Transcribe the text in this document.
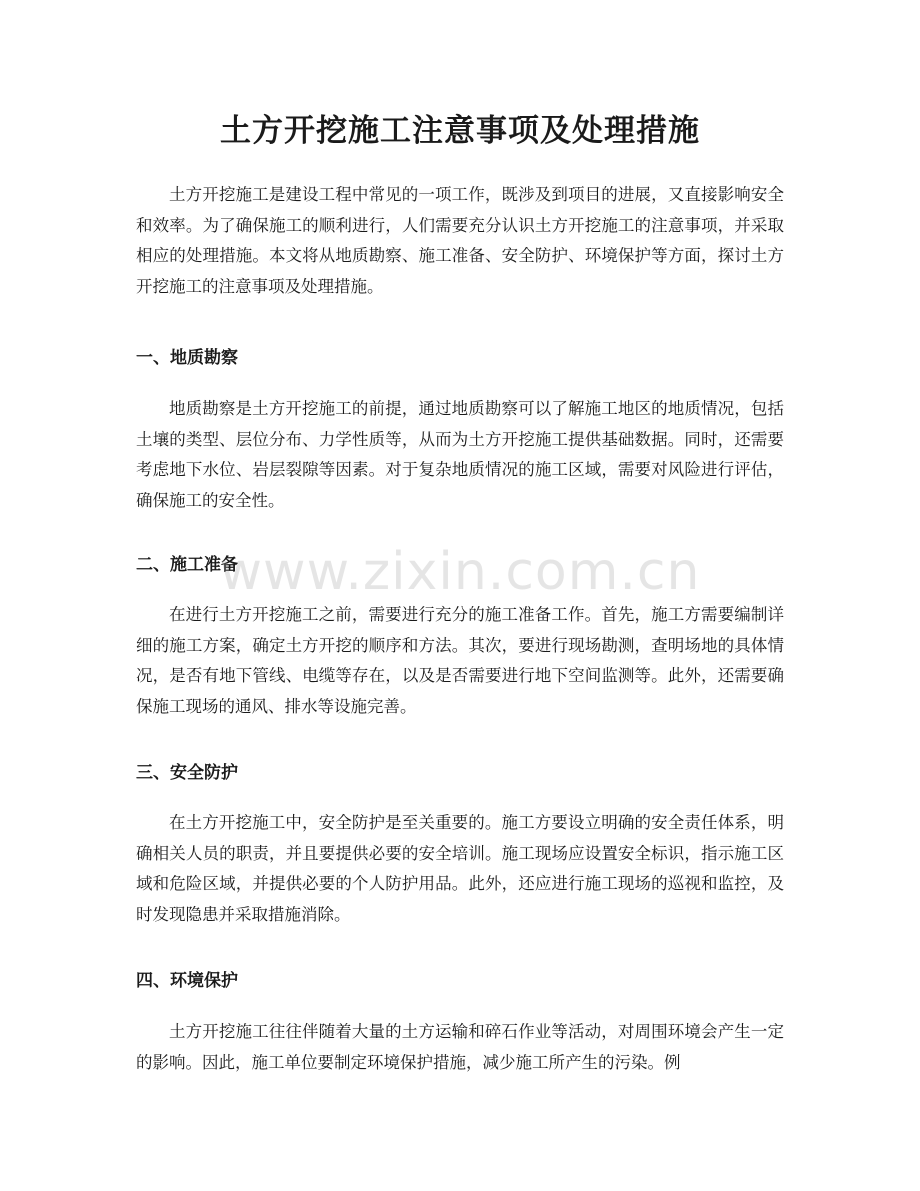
土方开挖施工注意事项及处理措施

土方开挖施工是建设工程中常见的一项工作，既涉及到项目的进展，又直接影响安全和效率。为了确保施工的顺利进行，人们需要充分认识土方开挖施工的注意事项，并采取相应的处理措施。本文将从地质勘察、施工准备、安全防护、环境保护等方面，探讨土方开挖施工的注意事项及处理措施。

一、地质勘察

地质勘察是土方开挖施工的前提，通过地质勘察可以了解施工地区的地质情况，包括土壤的类型、层位分布、力学性质等，从而为土方开挖施工提供基础数据。同时，还需要考虑地下水位、岩层裂隙等因素。对于复杂地质情况的施工区域，需要对风险进行评估，确保施工的安全性。

二、施工准备

在进行土方开挖施工之前，需要进行充分的施工准备工作。首先，施工方需要编制详细的施工方案，确定土方开挖的顺序和方法。其次，要进行现场勘测，查明场地的具体情况，是否有地下管线、电缆等存在，以及是否需要进行地下空间监测等。此外，还需要确保施工现场的通风、排水等设施完善。

三、安全防护

在土方开挖施工中，安全防护是至关重要的。施工方要设立明确的安全责任体系，明确相关人员的职责，并且要提供必要的安全培训。施工现场应设置安全标识，指示施工区域和危险区域，并提供必要的个人防护用品。此外，还应进行施工现场的巡视和监控，及时发现隐患并采取措施消除。

四、环境保护

土方开挖施工往往伴随着大量的土方运输和碎石作业等活动，对周围环境会产生一定的影响。因此，施工单位要制定环境保护措施，减少施工所产生的污染。例

www.zixin.com.cn
